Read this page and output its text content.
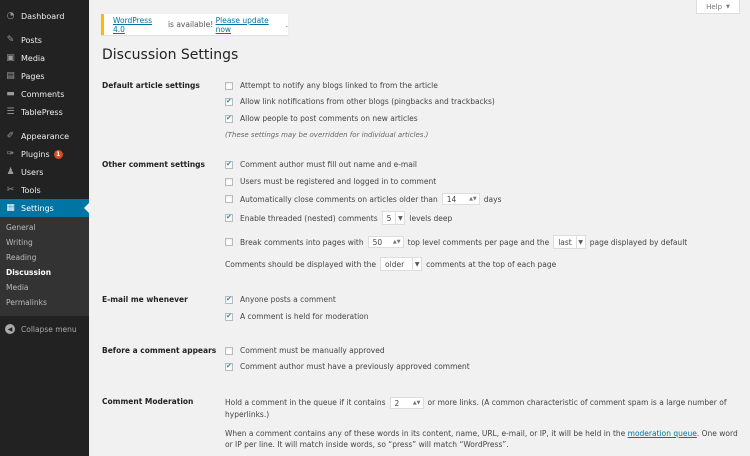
◔ Dashboard
✎ Posts
▣ Media
▤ Pages
▬ Comments
☰ TablePress
✐ Appearance
✑ Plugins	1
♟ Users
✂ Tools
▦ Settings
General
Writing
Reading
Discussion
Media
Permalinks
◀	Collapse menu
Help ▼
WordPress 4.0	is available! Please update now	.
Discussion Settings
Default article settings	Attempt to notify any blogs linked to from the article
✔
Allow link notifications from other blogs (pingbacks and trackbacks)
✔
Allow people to post comments on new articles
(These settings may be overridden for individual articles.)
Other comment settings ✔	Comment author must fill out name and e-mail
Users must be registered and logged in to comment
Automatically close comments on articles older than 14	▲▼ days
✔
Enable threaded (nested) comments	5	▼ levels deep
Break comments into pages with 50 ▲▼ top level comments per page and the	last	▼ page displayed by default
Comments should be displayed with the	older	▼ comments at the top of each page
E-mail me whenever ✔	Anyone posts a comment
✔
A comment is held for moderation
Before a comment appears	Comment must be manually approved
✔
Comment author must have a previously approved comment
Comment Moderation	Hold a comment in the queue if it contains 2	▲▼ or more links. (A common characteristic of comment spam is a large number of hyperlinks.)
When a comment contains any of these words in its content, name, URL, e-mail, or IP, it will be held in the moderation queue. One word or IP per line. It will match inside words, so “press” will match “WordPress”.
